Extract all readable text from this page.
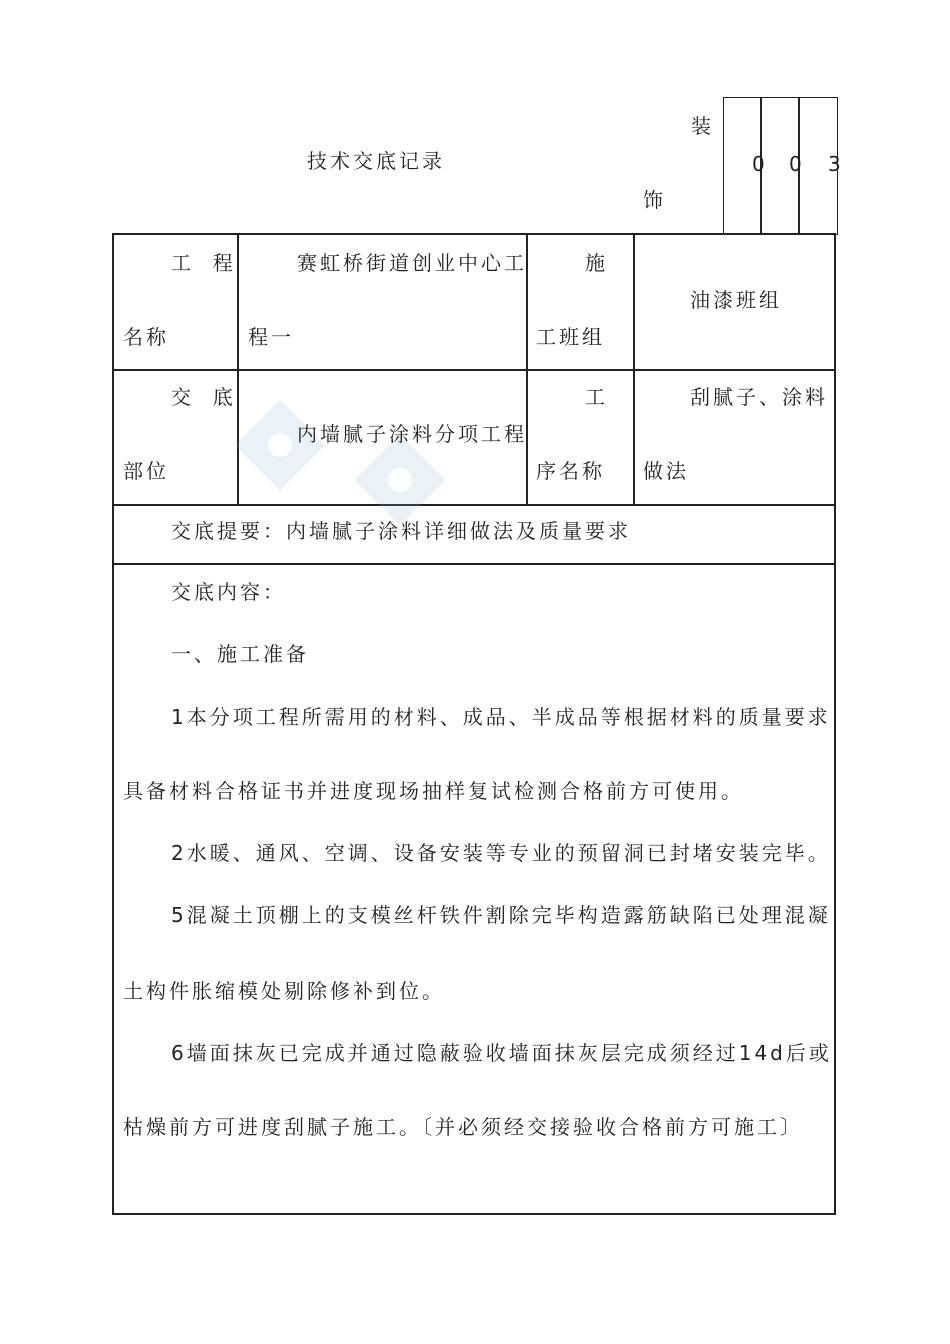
技术交底记录
装
饰
0 0 3
工  程
名称
赛虹桥街道创业中心工
程一
施
工班组
油漆班组
交  底
部位
内墙腻子涂料分项工程
工
序名称
刮腻子、涂料
做法
交底提要：内墙腻子涂料详细做法及质量要求
交底内容：
一、施工准备
1本分项工程所需用的材料、成品、半成品等根据材料的质量要求
具备材料合格证书并进度现场抽样复试检测合格前方可使用。
2水暖、通风、空调、设备安装等专业的预留洞已封堵安装完毕。
5混凝土顶棚上的支模丝杆铁件割除完毕构造露筋缺陷已处理混凝
土构件胀缩模处剔除修补到位。
6墙面抹灰已完成并通过隐蔽验收墙面抹灰层完成须经过14d后或
枯燥前方可进度刮腻子施工。〔并必须经交接验收合格前方可施工〕
